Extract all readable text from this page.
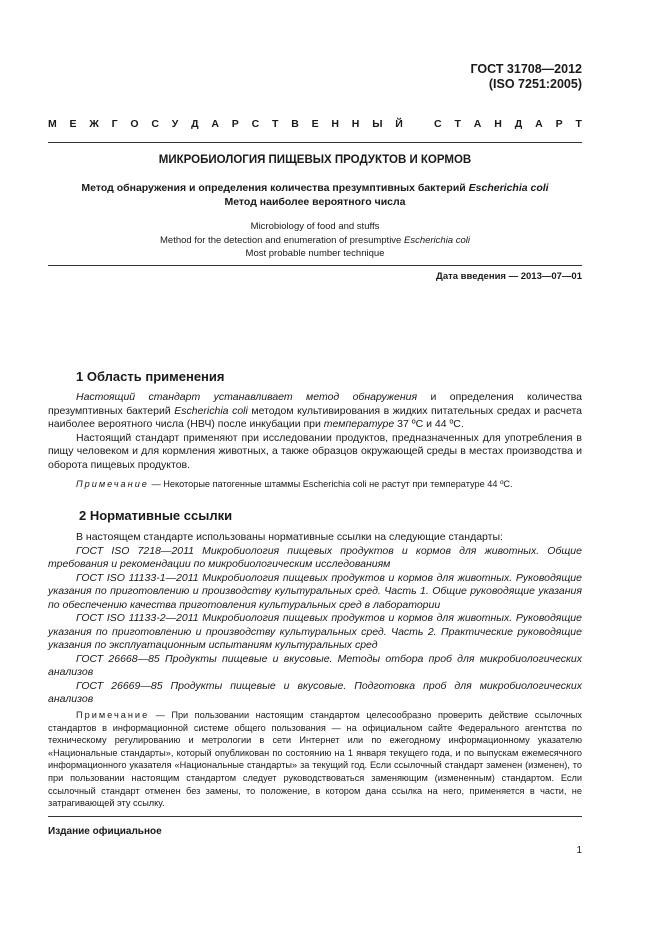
ГОСТ 31708—2012
(ISO 7251:2005)
М Е Ж Г О С У Д А Р С Т В Е Н Н Ы Й	С Т А Н Д А Р Т
МИКРОБИОЛОГИЯ ПИЩЕВЫХ ПРОДУКТОВ И КОРМОВ
Метод обнаружения и определения количества презумптивных бактерий Escherichia coli
Метод наиболее вероятного числа
Microbiology of food and stuffs
Method for the detection and enumeration of presumptive Escherichia coli
Most probable number technique
Дата введения — 2013—07—01
1 Область применения

Настоящий стандарт устанавливает метод обнаружения и определения количества презумптивных бактерий Escherichia coli методом культивирования в жидких питательных средах и расчета наиболее вероятного числа (НВЧ) после инкубации при температуре 37 ºС и 44 ºС.

Настоящий стандарт применяют при исследовании продуктов, предназначенных для употребления в пищу человеком и для кормления животных, а также образцов окружающей среды в местах производства и оборота пищевых продуктов.

Примечание — Некоторые патогенные штаммы Escherichia coli не растут при температуре 44 ºС.
2 Нормативные ссылки

В настоящем стандарте использованы нормативные ссылки на следующие стандарты:

ГОСТ ISO 7218—2011 Микробиология пищевых продуктов и кормов для животных. Общие требования и рекомендации по микробиологическим исследованиям

ГОСТ ISO 11133-1—2011 Микробиология пищевых продуктов и кормов для животных. Руководящие указания по приготовлению и производству культуральных сред. Часть 1. Общие руководящие указания по обеспечению качества приготовления культуральных сред в лаборатории

ГОСТ ISO 11133-2—2011 Микробиология пищевых продуктов и кормов для животных. Руководящие указания по приготовлению и производству культуральных сред. Часть 2. Практические руководящие указания по эксплуатационным испытаниям культуральных сред

ГОСТ 26668—85 Продукты пищевые и вкусовые. Методы отбора проб для микробиологических анализов

ГОСТ 26669—85 Продукты пищевые и вкусовые. Подготовка проб для микробиологических анализов

Примечание — При пользовании настоящим стандартом целесообразно проверить действие ссылочных стандартов в информационной системе общего пользования — на официальном сайте Федерального агентства по техническому регулированию и метрологии в сети Интернет или по ежегодному информационному указателю «Национальные стандарты», который опубликован по состоянию на 1 января текущего года, и по выпускам ежемесячного информационного указателя «Национальные стандарты» за текущий год. Если ссылочный стандарт заменен (изменен), то при пользовании настоящим стандартом следует руководствоваться заменяющим (измененным) стандартом. Если ссылочный стандарт отменен без замены, то положение, в котором дана ссылка на него, применяется в части, не затрагивающей эту ссылку.
Издание официальное
1
